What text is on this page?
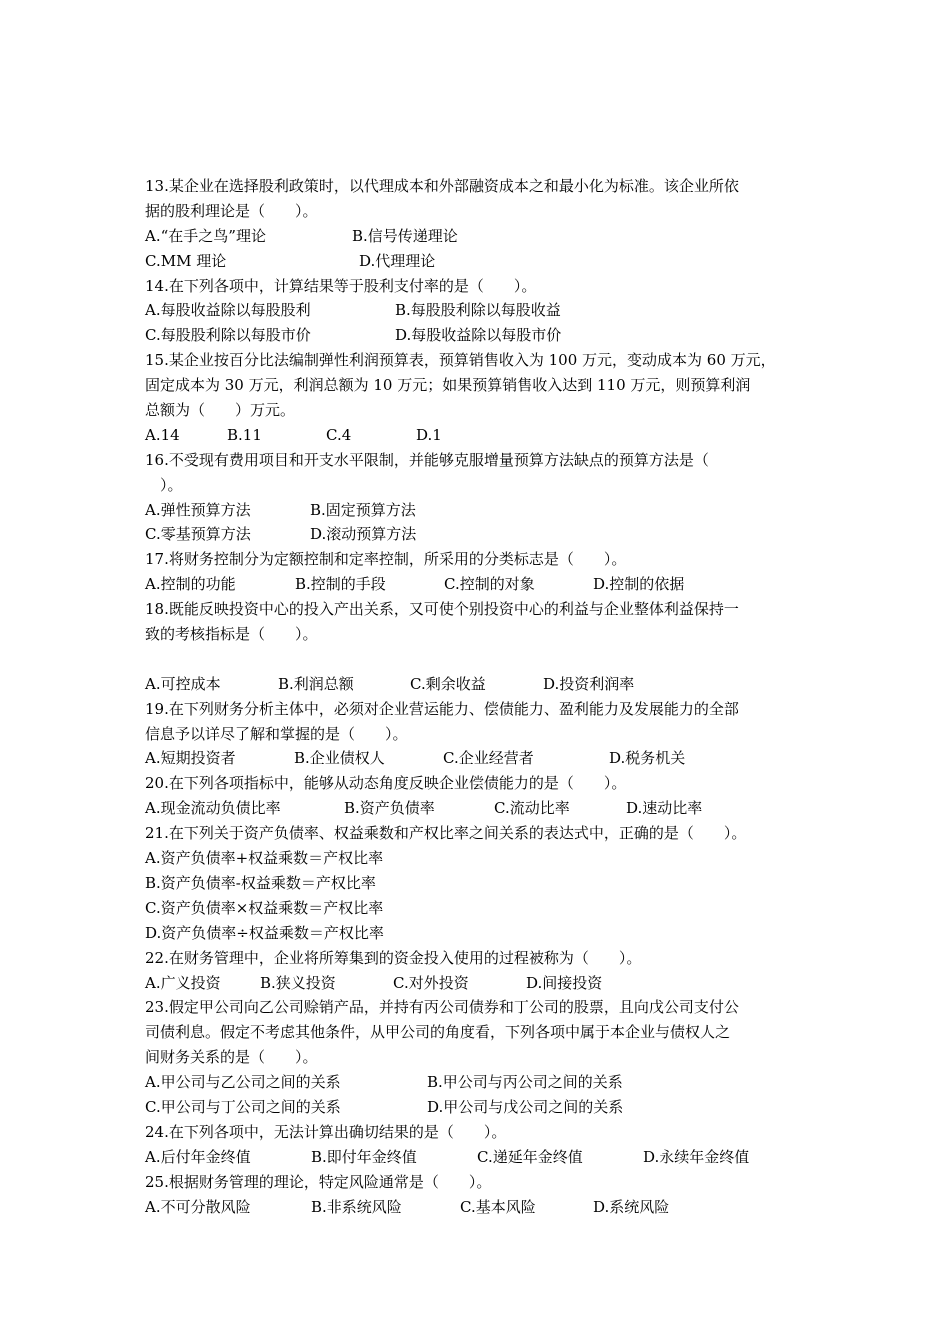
13.某企业在选择股利政策时，以代理成本和外部融资成本之和最小化为标准。该企业所依
据的股利理论是（　　）。

A.“在手之鸟”理论

	B.信号传递理论

C.MM 理论

	D.代理理论

14.在下列各项中，计算结果等于股利支付率的是（　　）。

A.每股收益除以每股股利

	B.每股股利除以每股收益

C.每股股利除以每股市价

	D.每股收益除以每股市价

15.某企业按百分比法编制弹性利润预算表，预算销售收入为 100 万元，变动成本为 60 万元，
固定成本为 30 万元，利润总额为 10 万元；如果预算销售收入达到 110 万元，则预算利润
总额为（　　）万元。

A.14

	B.11

	C.4

	D.1

16.不受现有费用项目和开支水平限制，并能够克服增量预算方法缺点的预算方法是（
　）。

A.弹性预算方法

	B.固定预算方法

C.零基预算方法

	D.滚动预算方法

17.将财务控制分为定额控制和定率控制，所采用的分类标志是（　　）。

A.控制的功能

	B.控制的手段

	C.控制的对象

	D.控制的依据

18.既能反映投资中心的投入产出关系，又可使个别投资中心的利益与企业整体利益保持一
致的考核指标是（　　）。

A.可控成本

	B.利润总额

	C.剩余收益

	D.投资利润率

19.在下列财务分析主体中，必须对企业营运能力、偿债能力、盈利能力及发展能力的全部
信息予以详尽了解和掌握的是（　　）。

A.短期投资者

	B.企业债权人

	C.企业经营者

	D.税务机关

20.在下列各项指标中，能够从动态角度反映企业偿债能力的是（　　）。

A.现金流动负债比率

	B.资产负债率

	C.流动比率

	D.速动比率

21.在下列关于资产负债率、权益乘数和产权比率之间关系的表达式中，正确的是（　　）。
A.资产负债率+权益乘数＝产权比率
B.资产负债率-权益乘数＝产权比率
C.资产负债率×权益乘数＝产权比率
D.资产负债率÷权益乘数＝产权比率
22.在财务管理中，企业将所筹集到的资金投入使用的过程被称为（　　）。

A.广义投资

	B.狭义投资

	C.对外投资

	D.间接投资

23.假定甲公司向乙公司赊销产品，并持有丙公司债券和丁公司的股票，且向戊公司支付公
司债利息。假定不考虑其他条件，从甲公司的角度看，下列各项中属于本企业与债权人之
间财务关系的是（　　）。

A.甲公司与乙公司之间的关系

	B.甲公司与丙公司之间的关系

C.甲公司与丁公司之间的关系

	D.甲公司与戊公司之间的关系

24.在下列各项中，无法计算出确切结果的是（　　）。

A.后付年金终值

	B.即付年金终值

	C.递延年金终值

	D.永续年金终值

25.根据财务管理的理论，特定风险通常是（　　）。

A.不可分散风险

	B.非系统风险

	C.基本风险

	D.系统风险
